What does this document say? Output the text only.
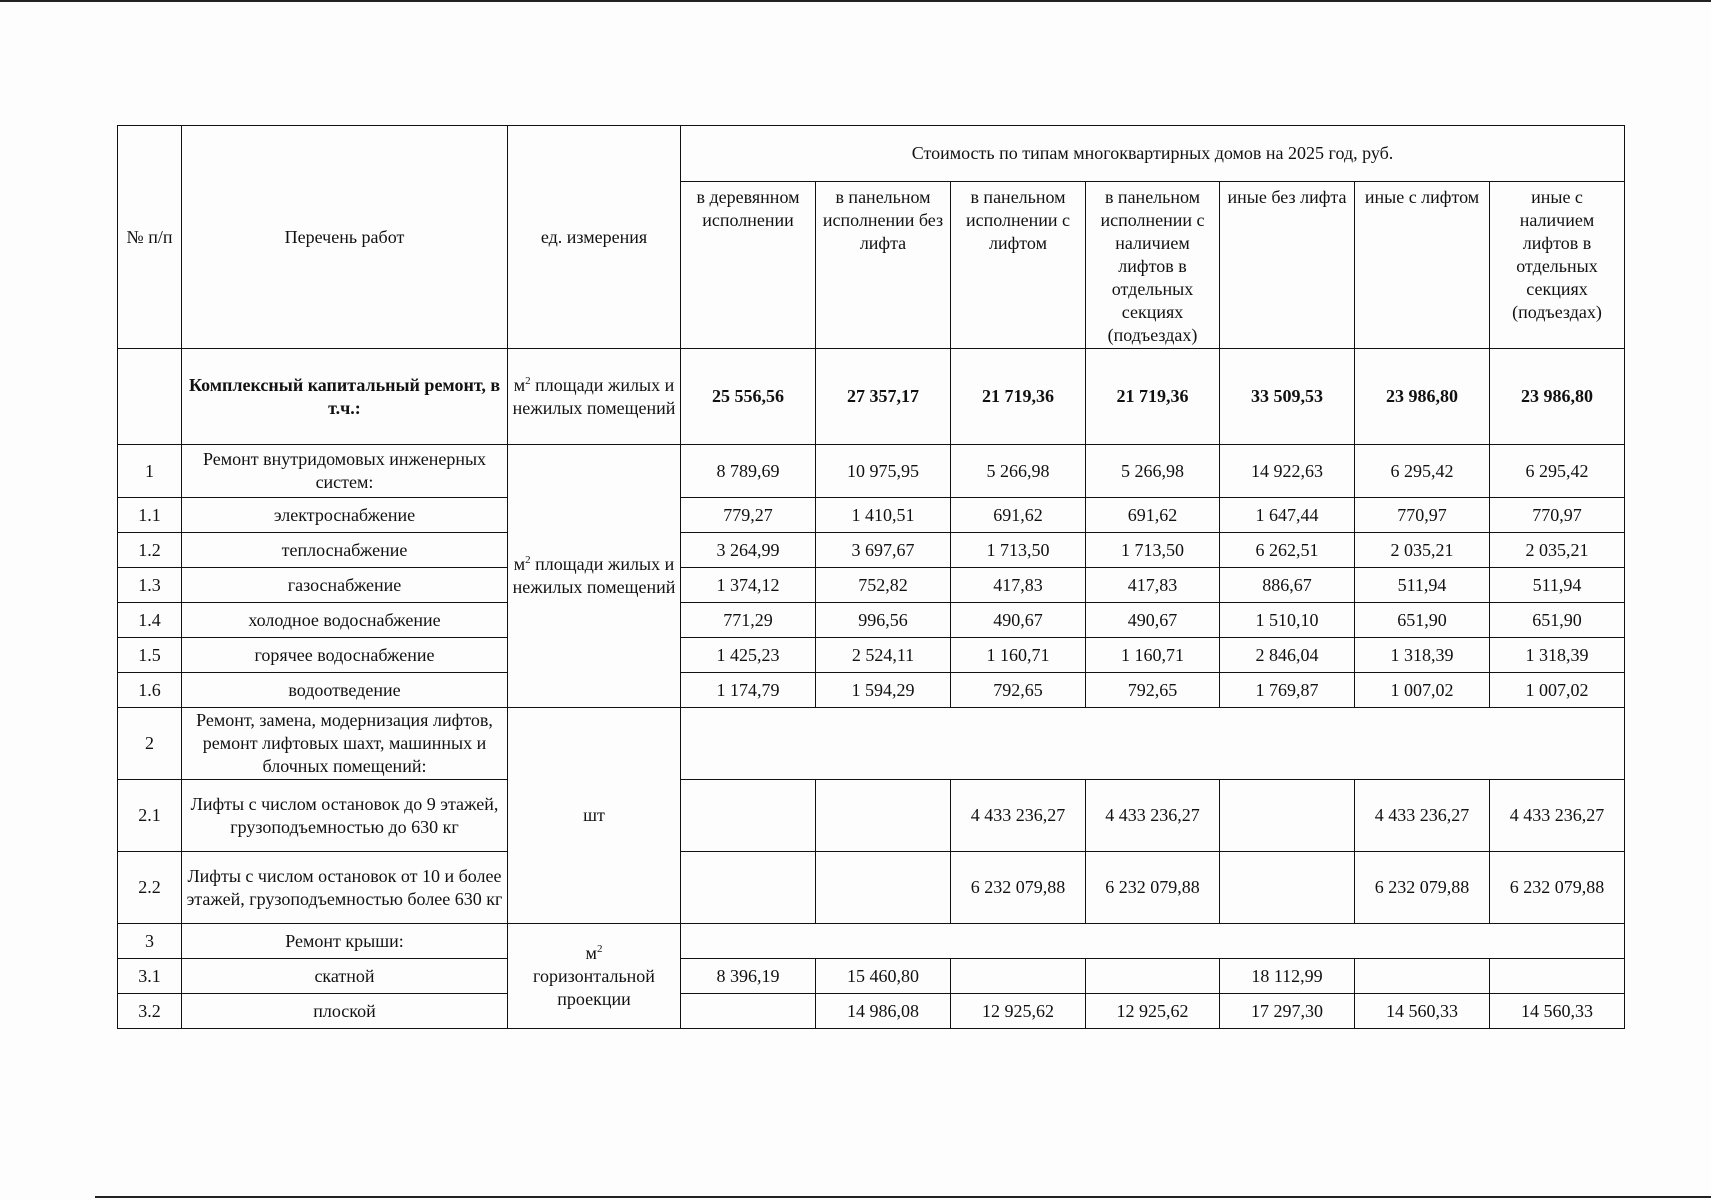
№ п/п	Перечень работ	ед. измерения	Стоимость по типам многоквартирных домов на 2025 год, руб.						
			в деревянном исполнении	в панельном исполнении без лифта	в панельном исполнении с лифтом	в панельном исполнении с наличием лифтов в отдельных секциях (подъездах)	иные без лифта	иные с лифтом	иные с наличием лифтов в отдельных секциях (подъездах)
	Комплексный капитальный ремонт, в т.ч.:	$м^2$ площади жилых и нежилых помещений	25 556,56	27 357,17	21 719,36	21 719,36	33 509,53	23 986,80	23 986,80
1	Ремонт внутридомовых инженерных систем:	$м^2$ площади жилых и нежилых помещений	8 789,69	10 975,95	5 266,98	5 266,98	14 922,63	6 295,42	6 295,42
1.1	электроснабжение		779,27	1 410,51	691,62	691,62	1 647,44	770,97	770,97
1.2	теплоснабжение		3 264,99	3 697,67	1 713,50	1 713,50	6 262,51	2 035,21	2 035,21
1.3	газоснабжение		1 374,12	752,82	417,83	417,83	886,67	511,94	511,94
1.4	холодное водоснабжение		771,29	996,56	490,67	490,67	1 510,10	651,90	651,90
1.5	горячее водоснабжение		1 425,23	2 524,11	1 160,71	1 160,71	2 846,04	1 318,39	1 318,39
1.6	водоотведение		1 174,79	1 594,29	792,65	792,65	1 769,87	1 007,02	1 007,02
2	Ремонт, замена, модернизация лифтов, ремонт лифтовых шахт, машинных и блочных помещений:	шт							
2.1	Лифты с числом остановок до 9 этажей, грузоподъемностью до 630 кг				4 433 236,27	4 433 236,27		4 433 236,27	4 433 236,27
2.2	Лифты с числом остановок от 10 и более этажей, грузоподъемностью более 630 кг				6 232 079,88	6 232 079,88		6 232 079,88	6 232 079,88
3	Ремонт крыши:	$м^2$
горизонтальной проекции							
3.1	скатной		8 396,19	15 460,80			18 112,99		
3.2	плоской			14 986,08	12 925,62	12 925,62	17 297,30	14 560,33	14 560,33
